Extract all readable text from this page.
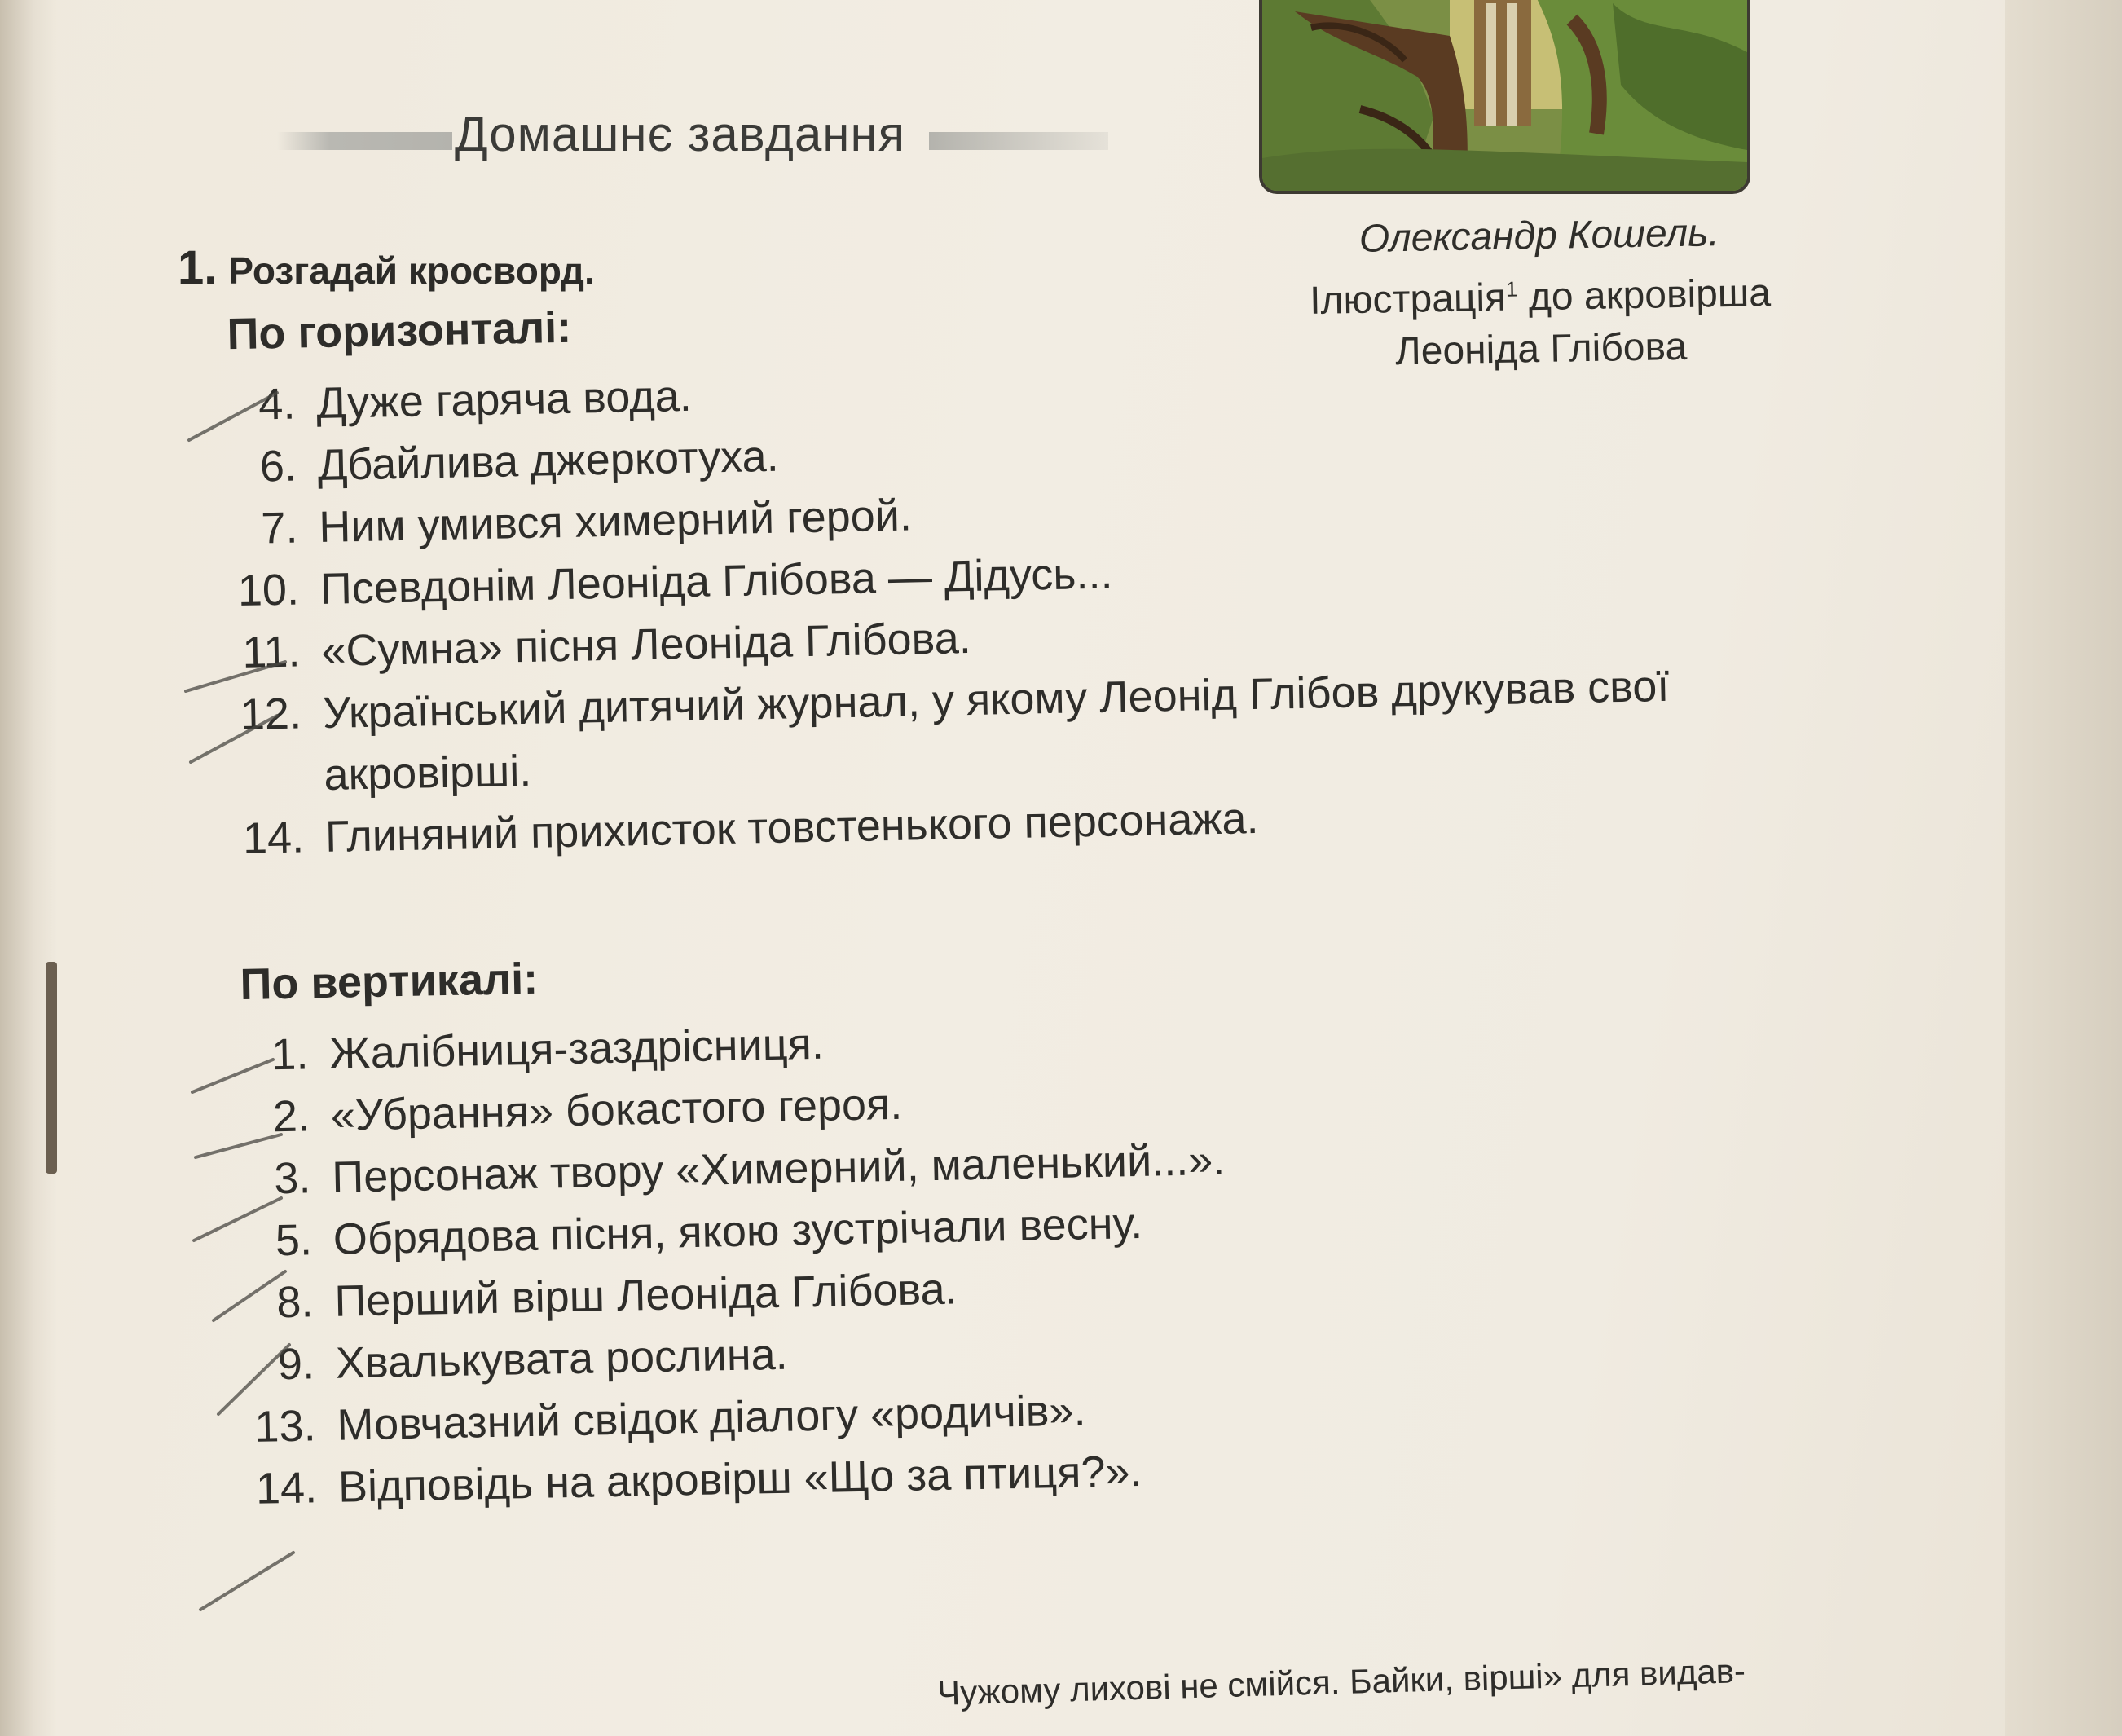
Домашнє завдання
Олександр Кошель.
Ілюстрація$^1$ до акровірша
Леоніда Глібова
1. Розгадай кросворд.
По горизонталі:
4. Дуже гаряча вода.
6. Дбайлива джеркотуха.
7. Ним умився химерний герой.
10. Псевдонім Леоніда Глібова — Дідусь...
11. «Сумна» пісня Леоніда Глібова.
12. Український дитячий журнал, у якому Леонід Глібов друкував свої
акровірші.
14. Глиняний прихисток товстенького персонажа.
По вертикалі:
1. Жалібниця-заздрісниця.
2. «Убрання» бокастого героя.
3. Персонаж твору «Химерний, маленький...».
5. Обрядова пісня, якою зустрічали весну.
8. Перший вірш Леоніда Глібова.
9. Хвалькувата рослина.
13. Мовчазний свідок діалогу «родичів».
14. Відповідь на акровірш «Що за птиця?».
Чужому лихові не смійся. Байки, вірші» для видав-
